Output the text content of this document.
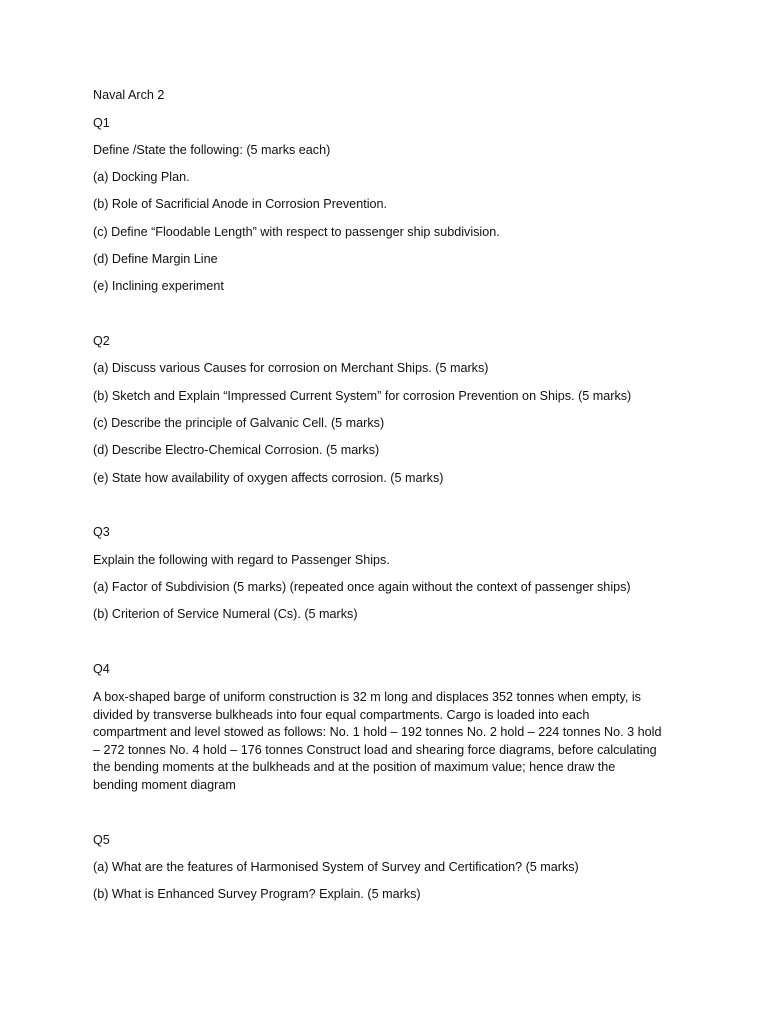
Naval Arch 2

Q1

Define /State the following: (5 marks each)

(a) Docking Plan.

(b) Role of Sacrificial Anode in Corrosion Prevention.

(c) Define “Floodable Length” with respect to passenger ship subdivision.

(d) Define Margin Line

(e) Inclining experiment

Q2

(a) Discuss various Causes for corrosion on Merchant Ships. (5 marks)

(b) Sketch and Explain “Impressed Current System” for corrosion Prevention on Ships. (5 marks)

(c) Describe the principle of Galvanic Cell. (5 marks)

(d) Describe Electro-Chemical Corrosion. (5 marks)

(e) State how availability of oxygen affects corrosion. (5 marks)

Q3

Explain the following with regard to Passenger Ships.

(a) Factor of Subdivision (5 marks) (repeated once again without the context of passenger ships)

(b) Criterion of Service Numeral (Cs). (5 marks)

Q4

A box-shaped barge of uniform construction is 32 m long and displaces 352 tonnes when empty, is divided by transverse bulkheads into four equal compartments. Cargo is loaded into each compartment and level stowed as follows: No. 1 hold – 192 tonnes No. 2 hold – 224 tonnes No. 3 hold – 272 tonnes No. 4 hold – 176 tonnes Construct load and shearing force diagrams, before calculating the bending moments at the bulkheads and at the position of maximum value; hence draw the bending moment diagram

Q5

(a) What are the features of Harmonised System of Survey and Certification? (5 marks)

(b) What is Enhanced Survey Program? Explain. (5 marks)
